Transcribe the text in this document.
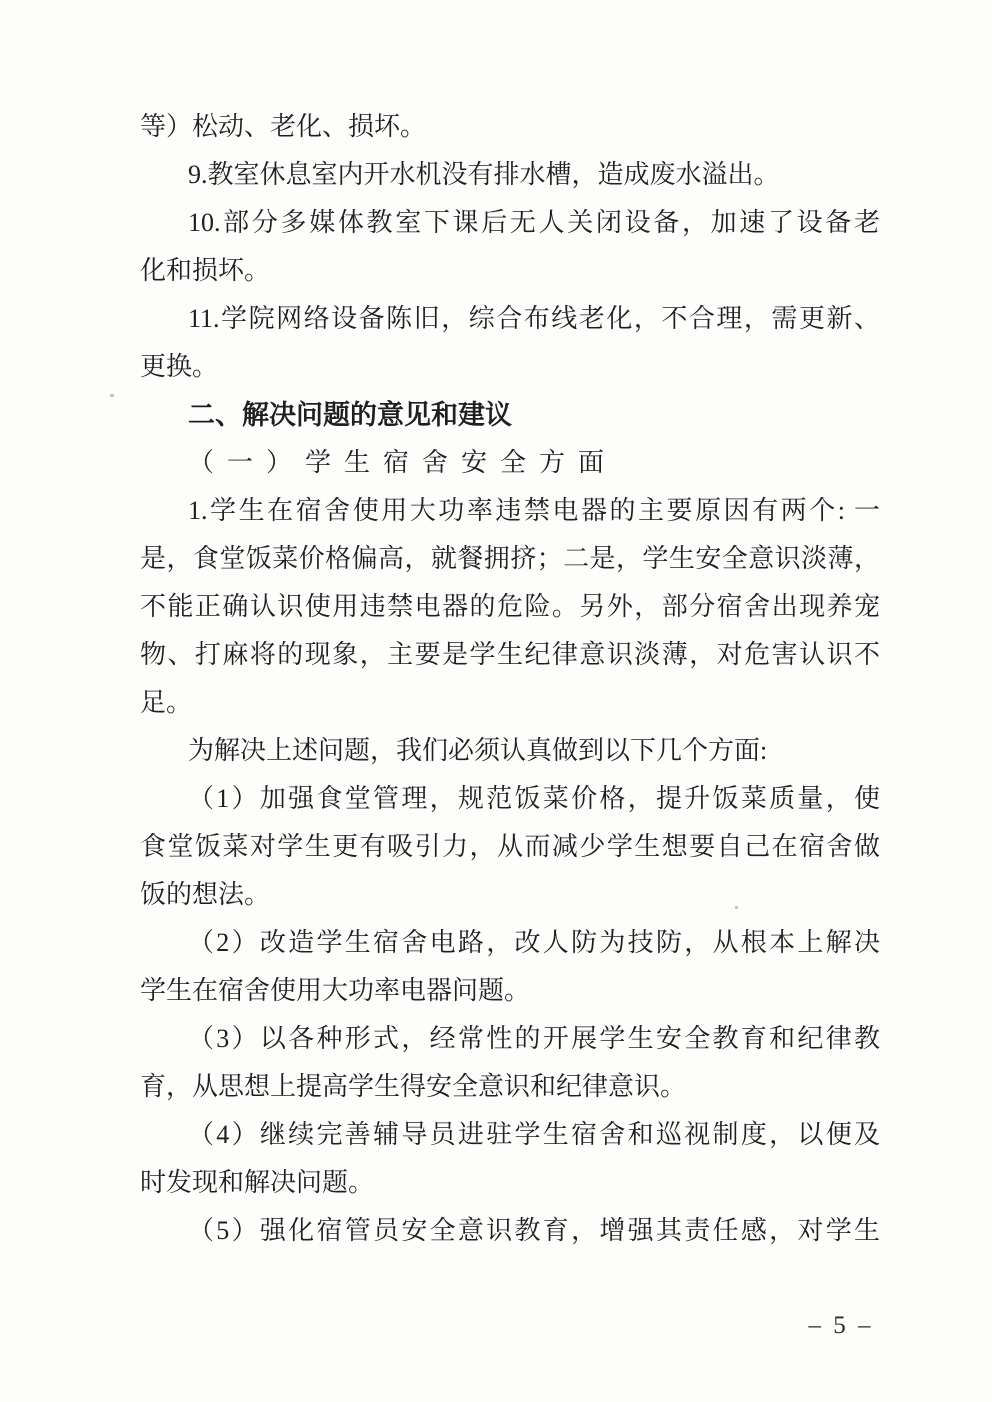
等）松动、老化、损坏。
9.教室休息室内开水机没有排水槽，造成废水溢出。
10.部分多媒体教室下课后无人关闭设备，加速了设备老
化和损坏。
11.学院网络设备陈旧，综合布线老化，不合理，需更新、
更换。
二、解决问题的意见和建议
（一）学生宿舍安全方面
1.学生在宿舍使用大功率违禁电器的主要原因有两个: 一
是，食堂饭菜价格偏高，就餐拥挤；二是，学生安全意识淡薄，
不能正确认识使用违禁电器的危险。另外，部分宿舍出现养宠
物、打麻将的现象，主要是学生纪律意识淡薄，对危害认识不
足。
为解决上述问题，我们必须认真做到以下几个方面:
（1）加强食堂管理，规范饭菜价格，提升饭菜质量，使
食堂饭菜对学生更有吸引力，从而减少学生想要自己在宿舍做
饭的想法。
（2）改造学生宿舍电路，改人防为技防，从根本上解决
学生在宿舍使用大功率电器问题。
（3）以各种形式，经常性的开展学生安全教育和纪律教
育，从思想上提高学生得安全意识和纪律意识。
（4）继续完善辅导员进驻学生宿舍和巡视制度，以便及
时发现和解决问题。
（5）强化宿管员安全意识教育，增强其责任感，对学生
– 5 –
